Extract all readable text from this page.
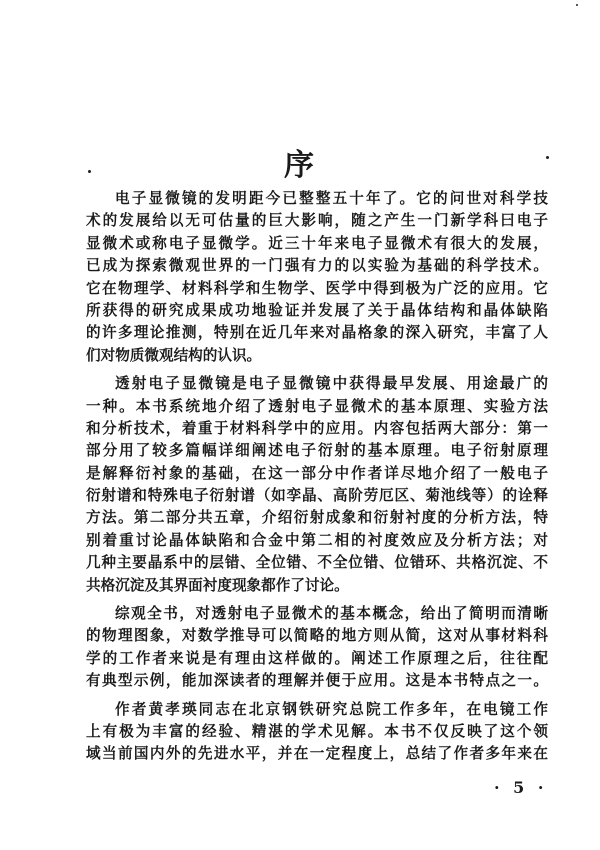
序
电子显微镜的发明距今已整整五十年了。它的问世对科学技
术的发展给以无可估量的巨大影响，随之产生一门新学科曰电子
显微术或称电子显微学。近三十年来电子显微术有很大的发展，
已成为探索微观世界的一门强有力的以实验为基础的科学技术。
它在物理学、材料科学和生物学、医学中得到极为广泛的应用。它
所获得的研究成果成功地验证并发展了关于晶体结构和晶体缺陷
的许多理论推测，特别在近几年来对晶格象的深入研究，丰富了人
们对物质微观结构的认识。
透射电子显微镜是电子显微镜中获得最早发展、用途最广的
一种。本书系统地介绍了透射电子显微术的基本原理、实验方法
和分析技术，着重于材料科学中的应用。内容包括两大部分：第一
部分用了较多篇幅详细阐述电子衍射的基本原理。电子衍射原理
是解释衍衬象的基础，在这一部分中作者详尽地介绍了一般电子
衍射谱和特殊电子衍射谱（如孪晶、高阶劳厄区、菊池线等）的诠释
方法。第二部分共五章，介绍衍射成象和衍射衬度的分析方法，特
别着重讨论晶体缺陷和合金中第二相的衬度效应及分析方法；对
几种主要晶系中的层错、全位错、不全位错、位错环、共格沉淀、不
共格沉淀及其界面衬度现象都作了讨论。
综观全书，对透射电子显微术的基本概念，给出了简明而清晰
的物理图象，对数学推导可以简略的地方则从简，这对从事材料科
学的工作者来说是有理由这样做的。阐述工作原理之后，往往配
有典型示例，能加深读者的理解并便于应用。这是本书特点之一。
作者黄孝瑛同志在北京钢铁研究总院工作多年，在电镜工作
上有极为丰富的经验、精湛的学术见解。本书不仅反映了这个领
域当前国内外的先进水平，并在一定程度上，总结了作者多年来在
· 5 ·
